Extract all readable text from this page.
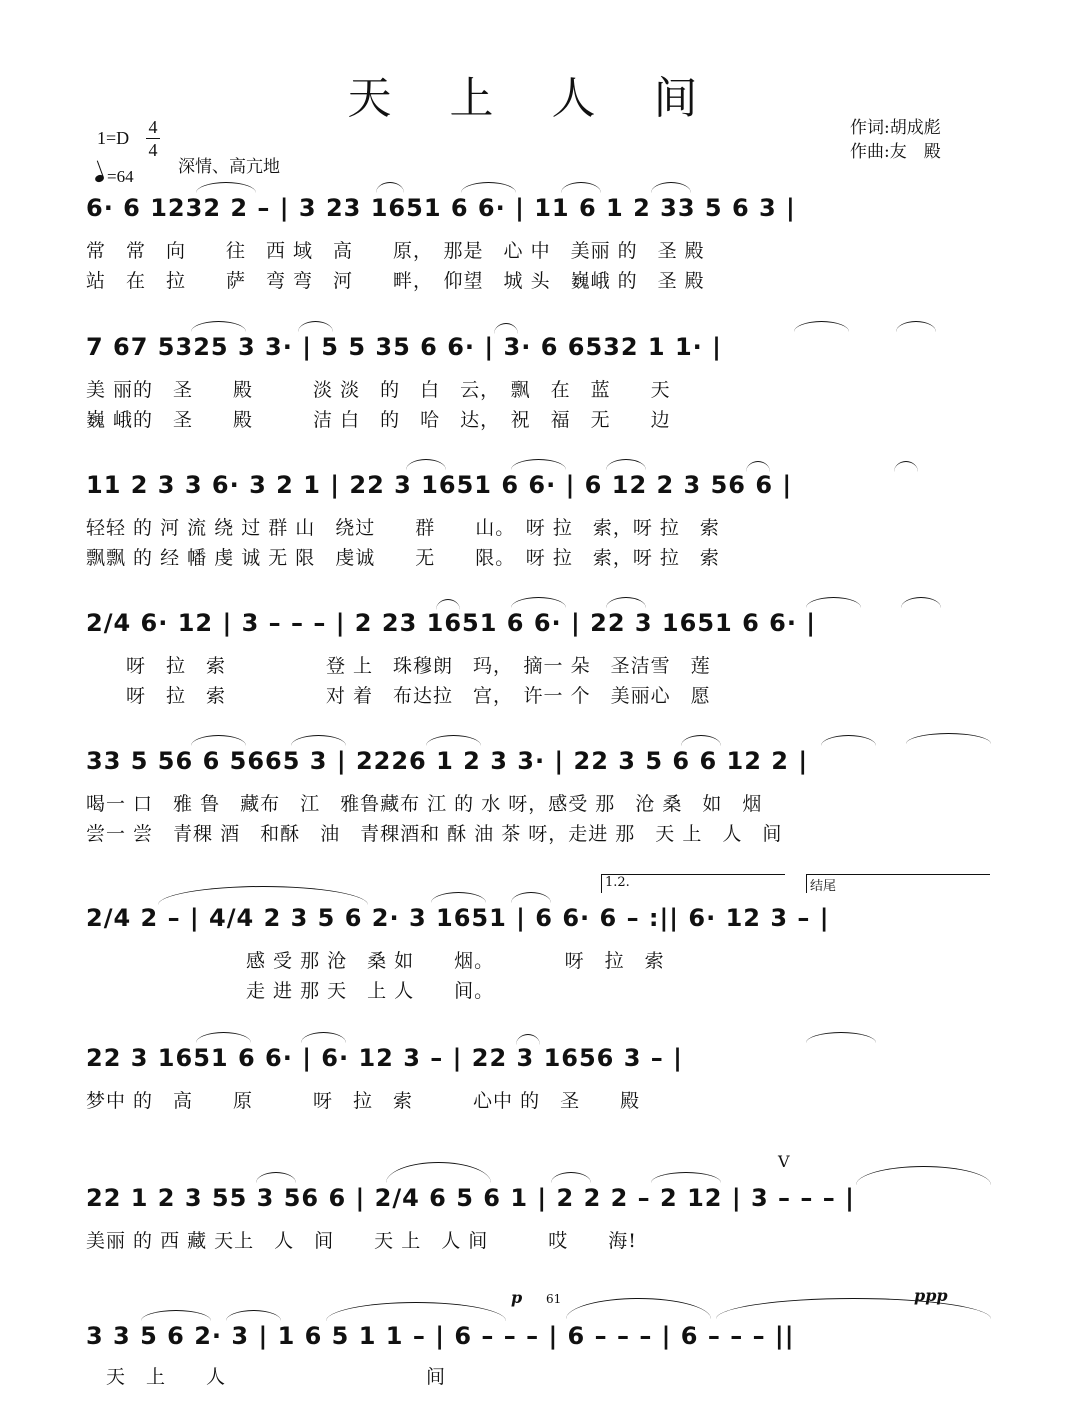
天 上 人 间
作词:胡成彪
作曲:友　殿
1=D
4
4
=64	深情、高亢地
6· 6 1232 2 – | 3 23 1651 6 6· | 11 6 1 2 33 5 6 3 |
常　常　向　　往　西 域　高　　原，　那是　心 中　美丽 的　圣 殿
站　在　拉　　萨　弯 弯　河　　畔，　仰望　城 头　巍峨 的　圣 殿
7 67 5325 3 3· | 5 5 35 6 6· | 3· 6 6532 1 1· |
美 丽的　圣　　殿　　　淡 淡　的　白　云，　飘　在　蓝　　天
巍 峨的　圣　　殿　　　洁 白　的　哈　达，　祝　福　无　　边
11 2 3 3 6· 3 2 1 | 22 3 1651 6 6· | 6 12 2 3 56 6 |
轻轻 的 河 流 绕 过 群 山　绕过　　群　　山。　呀 拉　索，呀 拉　索
飘飘 的 经 幡 虔 诚 无 限　虔诚　　无　　限。　呀 拉　索，呀 拉　索
2/4 6· 12 | 3 – – – | 2 23 1651 6 6· | 22 3 1651 6 6· |
　　呀　拉　索　　　　　登 上　珠穆朗　玛，　摘一 朵　圣洁雪　莲
　　呀　拉　索　　　　　对 着　布达拉　宫，　许一 个　美丽心　愿
33 5 56 6 5665 3 | 2226 1 2 3 3· | 22 3 5 6 6 12 2 |
喝一 口　雅 鲁　藏布　江　雅鲁藏布 江 的 水 呀，感受 那　沧 桑　如　烟
尝一 尝　青稞 酒　和酥　油　青稞酒和 酥 油 茶 呀，走进 那　天 上　人　间
1.2.	结尾
2/4 2 – | 4/4 2 3 5 6 2· 3 1651 | 6 6· 6 – :|| 6· 12 3 – |
　　　　　　　　感 受 那 沧　桑 如　　烟。　　　　呀　拉　索
　　　　　　　　走 进 那 天　上 人　　间。
22 3 1651 6 6· | 6· 12 3 – | 22 3 1656 3 – |
梦中 的　高　　原　　　呀　拉　索　　　心中 的　圣　　殿
V
22 1 2 3 55 3 56 6 | 2/4 6 5 6 1 | 2 2 2 – 2 12 | 3 – – – |
美丽 的 西 藏 天上　人　间　　天 上　人 间　　　哎　　海!
p 61	ppp
3 3 5 6 2· 3 | 1 6 5 1 1 – | 6 – – – | 6 – – – | 6 – – – ||
　天　上　　人　　　　　　　　　　间
